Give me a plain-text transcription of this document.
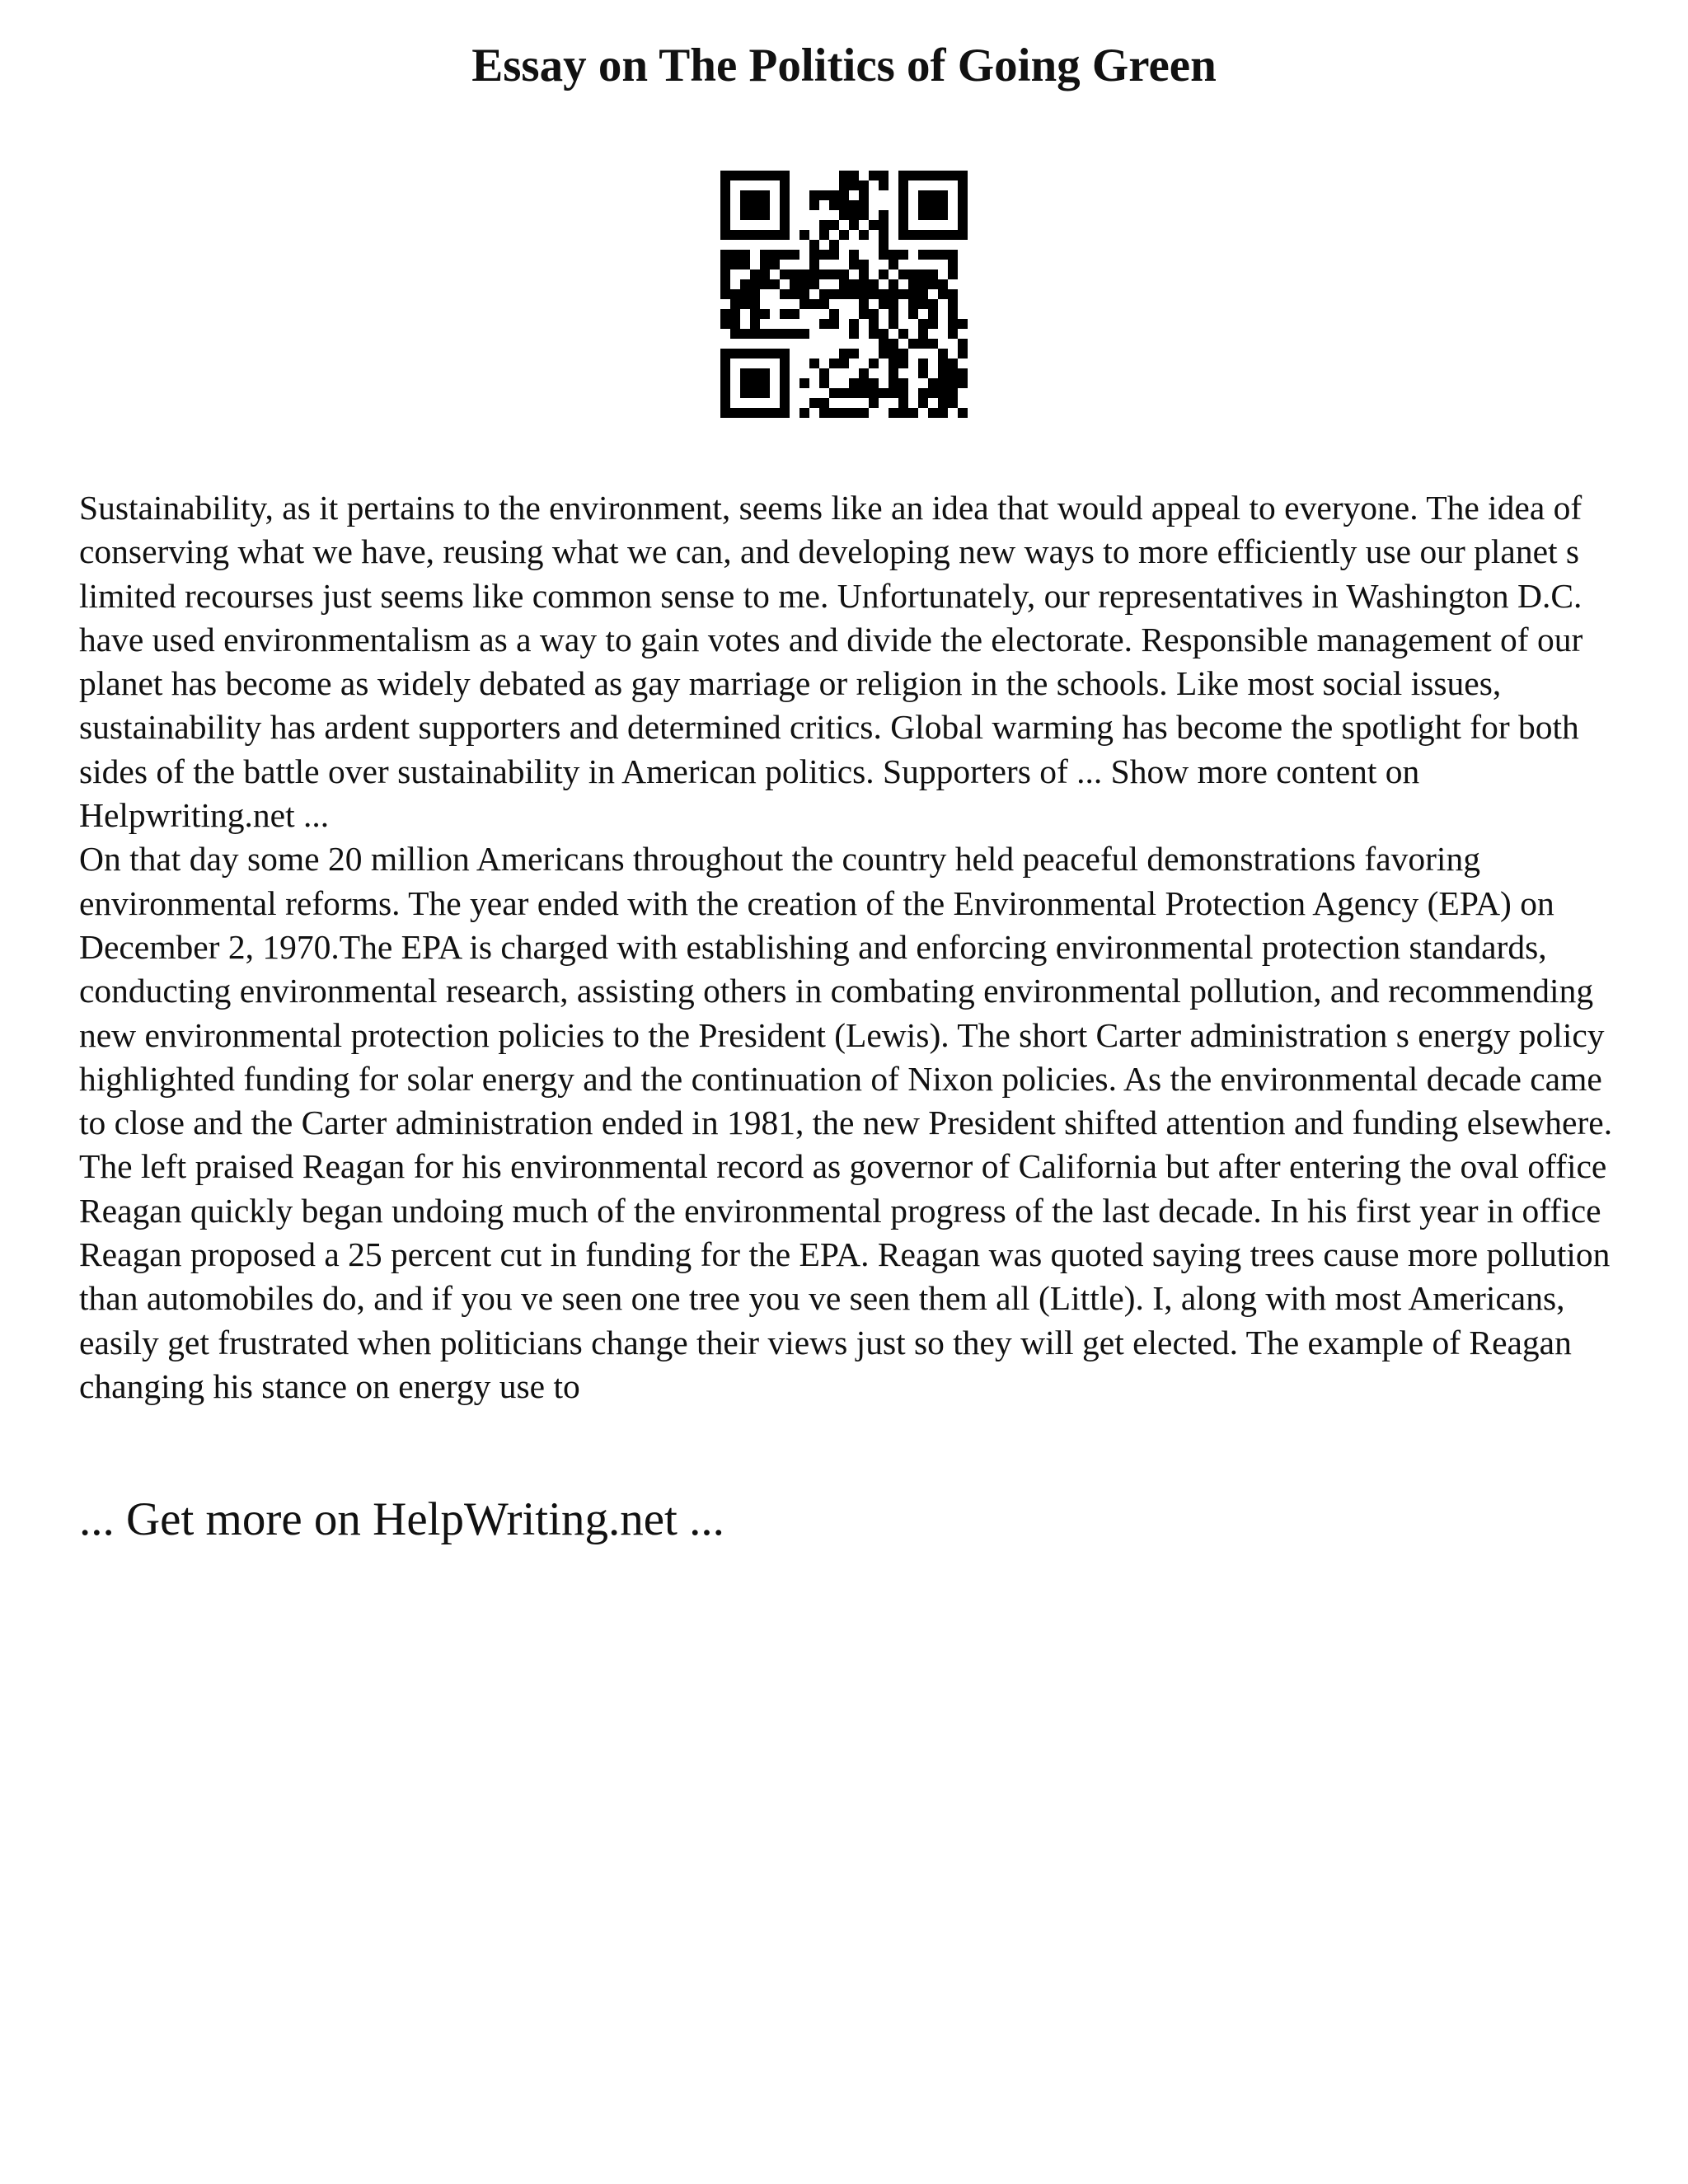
Essay on The Politics of Going Green

Sustainability, as it pertains to the environment, seems like an idea that would appeal to everyone. The idea of conserving what we have, reusing what we can, and developing new ways to more efficiently use our planet s limited recourses just seems like common sense to me. Unfortunately, our representatives in Washington D.C. have used environmentalism as a way to gain votes and divide the electorate. Responsible management of our planet has become as widely debated as gay marriage or religion in the schools. Like most social issues, sustainability has ardent supporters and determined critics. Global warming has become the spotlight for both sides of the battle over sustainability in American politics. Supporters of ... Show more content on Helpwriting.net ...

On that day some 20 million Americans throughout the country held peaceful demonstrations favoring environmental reforms. The year ended with the creation of the Environmental Protection Agency (EPA) on December 2, 1970.The EPA is charged with establishing and enforcing environmental protection standards, conducting environmental research, assisting others in combating environmental pollution, and recommending new environmental protection policies to the President (Lewis). The short Carter administration s energy policy highlighted funding for solar energy and the continuation of Nixon policies. As the environmental decade came to close and the Carter administration ended in 1981, the new President shifted attention and funding elsewhere. The left praised Reagan for his environmental record as governor of California but after entering the oval office Reagan quickly began undoing much of the environmental progress of the last decade. In his first year in office Reagan proposed a 25 percent cut in funding for the EPA. Reagan was quoted saying trees cause more pollution than automobiles do, and if you ve seen one tree you ve seen them all (Little). I, along with most Americans, easily get frustrated when politicians change their views just so they will get elected. The example of Reagan changing his stance on energy use to

... Get more on HelpWriting.net ...
